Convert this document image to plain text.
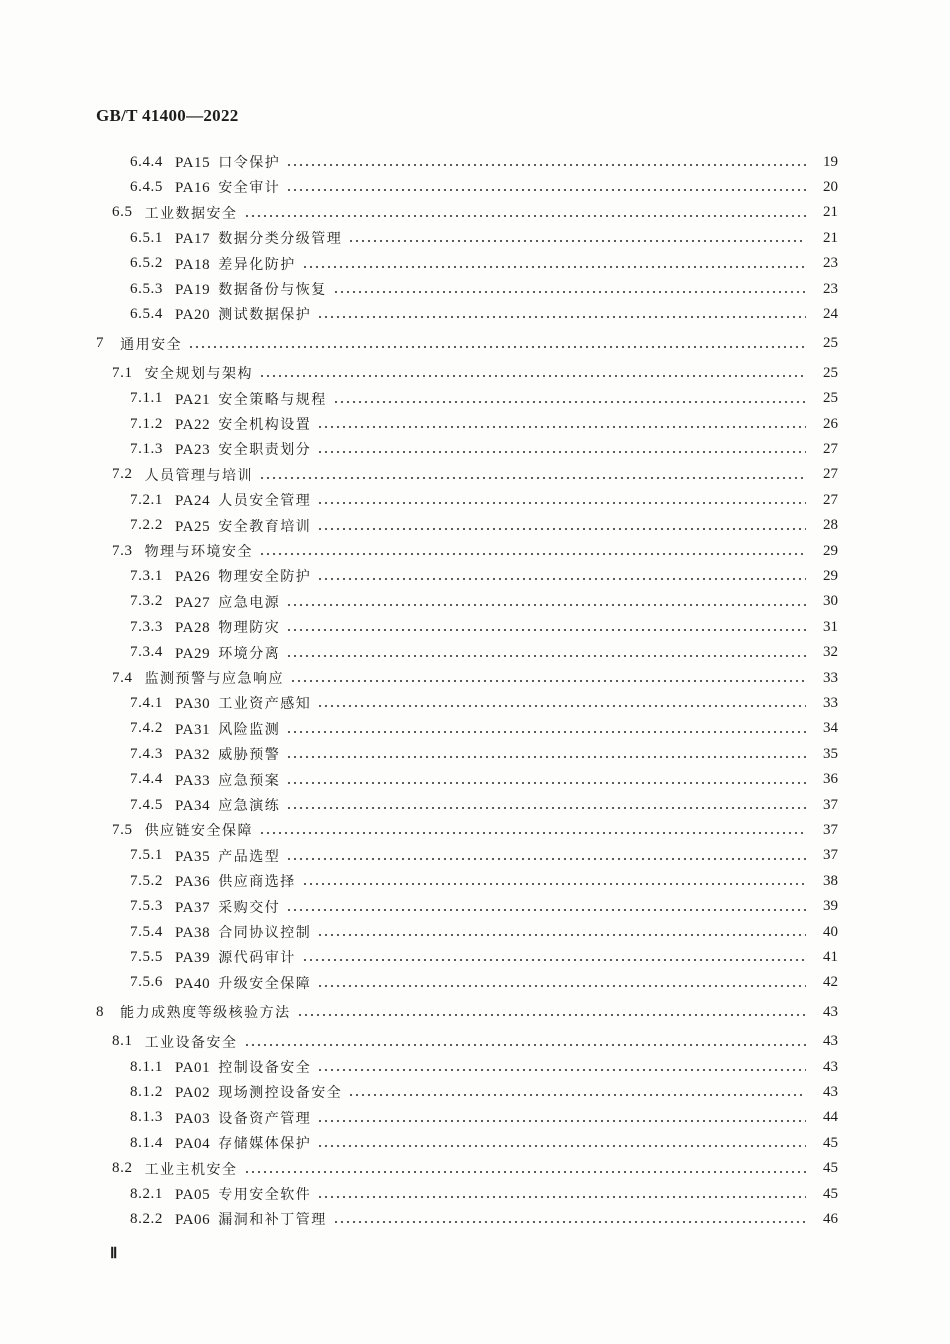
GB/T 41400—2022
6.4.4 PA15 口令保护	19
6.4.5 PA16 安全审计	20
6.5 工业数据安全	21
6.5.1 PA17 数据分类分级管理	21
6.5.2 PA18 差异化防护	23
6.5.3 PA19 数据备份与恢复	23
6.5.4 PA20 测试数据保护	24
7 通用安全	25
7.1 安全规划与架构	25
7.1.1 PA21 安全策略与规程	25
7.1.2 PA22 安全机构设置	26
7.1.3 PA23 安全职责划分	27
7.2 人员管理与培训	27
7.2.1 PA24 人员安全管理	27
7.2.2 PA25 安全教育培训	28
7.3 物理与环境安全	29
7.3.1 PA26 物理安全防护	29
7.3.2 PA27 应急电源	30
7.3.3 PA28 物理防灾	31
7.3.4 PA29 环境分离	32
7.4 监测预警与应急响应	33
7.4.1 PA30 工业资产感知	33
7.4.2 PA31 风险监测	34
7.4.3 PA32 威胁预警	35
7.4.4 PA33 应急预案	36
7.4.5 PA34 应急演练	37
7.5 供应链安全保障	37
7.5.1 PA35 产品选型	37
7.5.2 PA36 供应商选择	38
7.5.3 PA37 采购交付	39
7.5.4 PA38 合同协议控制	40
7.5.5 PA39 源代码审计	41
7.5.6 PA40 升级安全保障	42
8 能力成熟度等级核验方法	43
8.1 工业设备安全	43
8.1.1 PA01 控制设备安全	43
8.1.2 PA02 现场测控设备安全	43
8.1.3 PA03 设备资产管理	44
8.1.4 PA04 存储媒体保护	45
8.2 工业主机安全	45
8.2.1 PA05 专用安全软件	45
8.2.2 PA06 漏洞和补丁管理	46
Ⅱ
